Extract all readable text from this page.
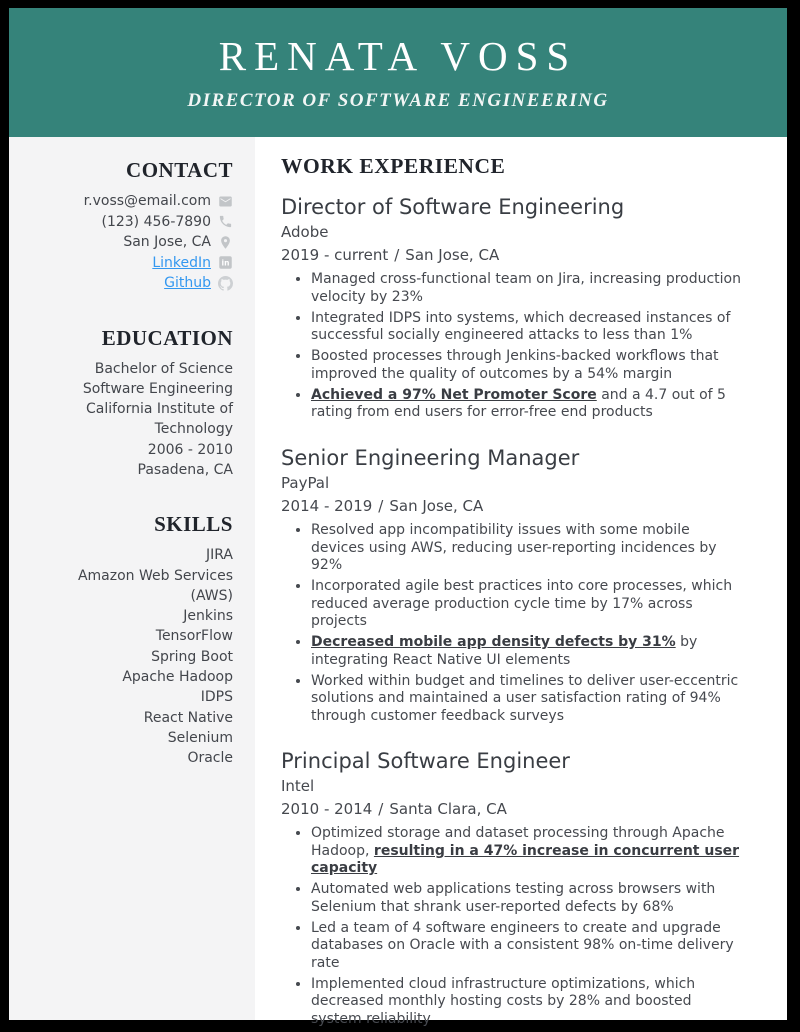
RENATA VOSS
DIRECTOR OF SOFTWARE ENGINEERING
CONTACT
r.voss@email.com
(123) 456-7890
San Jose, CA
LinkedIn in
Github
EDUCATION
Bachelor of Science
Software Engineering
California Institute of Technology
2006 - 2010
Pasadena, CA
SKILLS
JIRA
Amazon Web Services (AWS)
Jenkins
TensorFlow
Spring Boot
Apache Hadoop
IDPS
React Native
Selenium
Oracle
WORK EXPERIENCE
Director of Software Engineering
Adobe
2019 - current / San Jose, CA
• Managed cross-functional team on Jira, increasing production velocity by 23%
• Integrated IDPS into systems, which decreased instances of successful socially engineered attacks to less than 1%
• Boosted processes through Jenkins-backed workflows that improved the quality of outcomes by a 54% margin
• Achieved a 97% Net Promoter Score and a 4.7 out of 5 rating from end users for error-free end products
Senior Engineering Manager
PayPal
2014 - 2019 / San Jose, CA
• Resolved app incompatibility issues with some mobile devices using AWS, reducing user-reporting incidences by 92%
• Incorporated agile best practices into core processes, which reduced average production cycle time by 17% across projects
• Decreased mobile app density defects by 31% by integrating React Native UI elements
• Worked within budget and timelines to deliver user-eccentric solutions and maintained a user satisfaction rating of 94% through customer feedback surveys
Principal Software Engineer
Intel
2010 - 2014 / Santa Clara, CA
• Optimized storage and dataset processing through Apache Hadoop, resulting in a 47% increase in concurrent user capacity
• Automated web applications testing across browsers with Selenium that shrank user-reported defects by 68%
• Led a team of 4 software engineers to create and upgrade databases on Oracle with a consistent 98% on-time delivery rate
• Implemented cloud infrastructure optimizations, which decreased monthly hosting costs by 28% and boosted system reliability
